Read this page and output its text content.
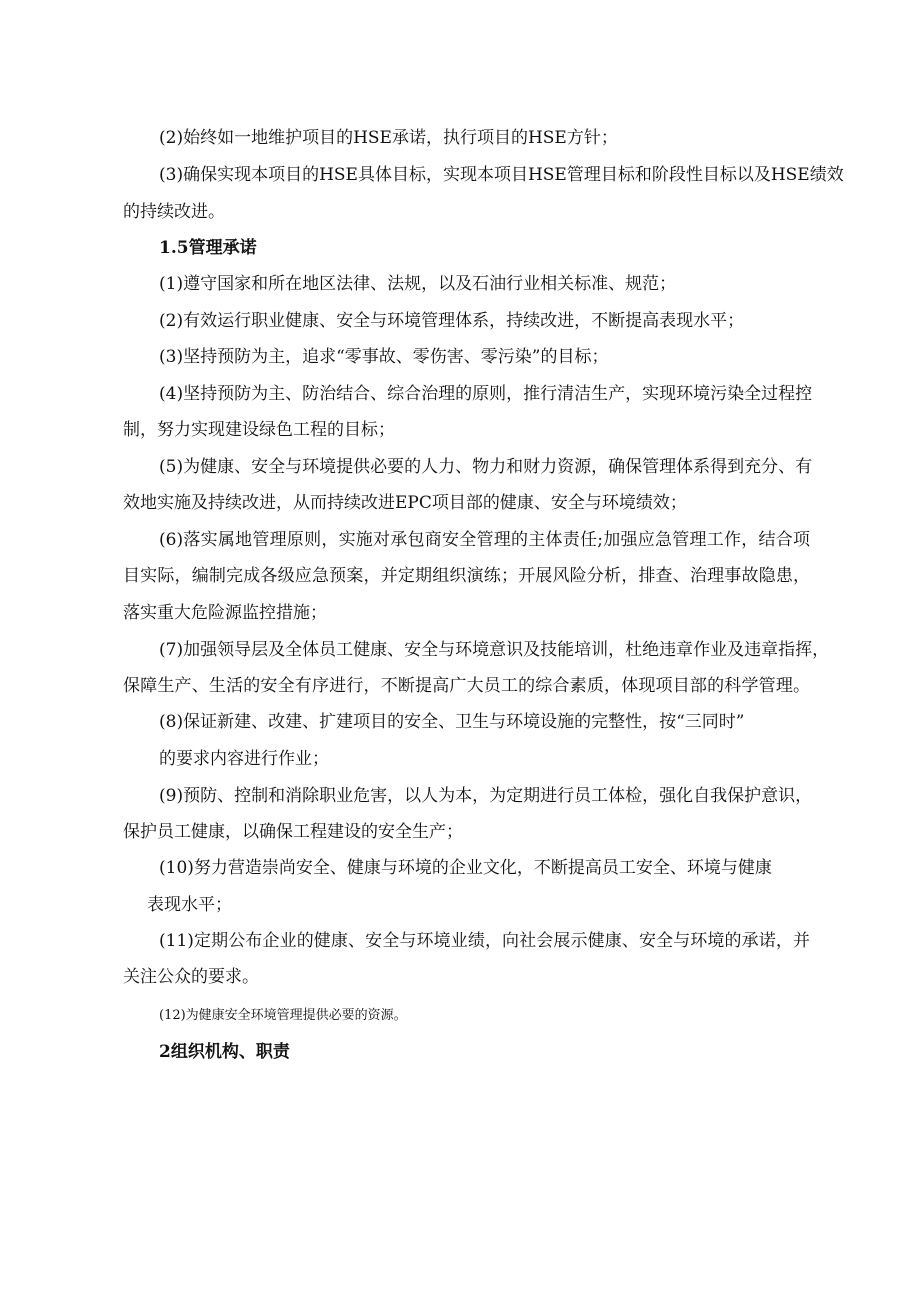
(2)始终如一地维护项目的HSE承诺，执行项目的HSE方针；
(3)确保实现本项目的HSE具体目标，实现本项目HSE管理目标和阶段性目标以及HSE绩效
的持续改进。
1.5管理承诺
(1)遵守国家和所在地区法律、法规，以及石油行业相关标准、规范；
(2)有效运行职业健康、安全与环境管理体系，持续改进，不断提高表现水平；
(3)坚持预防为主，追求“零事故、零伤害、零污染”的目标；
(4)坚持预防为主、防治结合、综合治理的原则，推行清洁生产，实现环境污染全过程控
制，努力实现建设绿色工程的目标；
(5)为健康、安全与环境提供必要的人力、物力和财力资源，确保管理体系得到充分、有
效地实施及持续改进，从而持续改进EPC项目部的健康、安全与环境绩效；
(6)落实属地管理原则，实施对承包商安全管理的主体责任;加强应急管理工作，结合项
目实际，编制完成各级应急预案，并定期组织演练；开展风险分析，排查、治理事故隐患，
落实重大危险源监控措施；
(7)加强领导层及全体员工健康、安全与环境意识及技能培训，杜绝违章作业及违章指挥，
保障生产、生活的安全有序进行，不断提高广大员工的综合素质，体现项目部的科学管理。
(8)保证新建、改建、扩建项目的安全、卫生与环境设施的完整性，按“三同时”
的要求内容进行作业；
(9)预防、控制和消除职业危害，以人为本，为定期进行员工体检，强化自我保护意识，
保护员工健康，以确保工程建设的安全生产；
(10)努力营造崇尚安全、健康与环境的企业文化，不断提高员工安全、环境与健康
表现水平；
(11)定期公布企业的健康、安全与环境业绩，向社会展示健康、安全与环境的承诺，并
关注公众的要求。
(12)为健康安全环境管理提供必要的资源。
2组织机构、职责
